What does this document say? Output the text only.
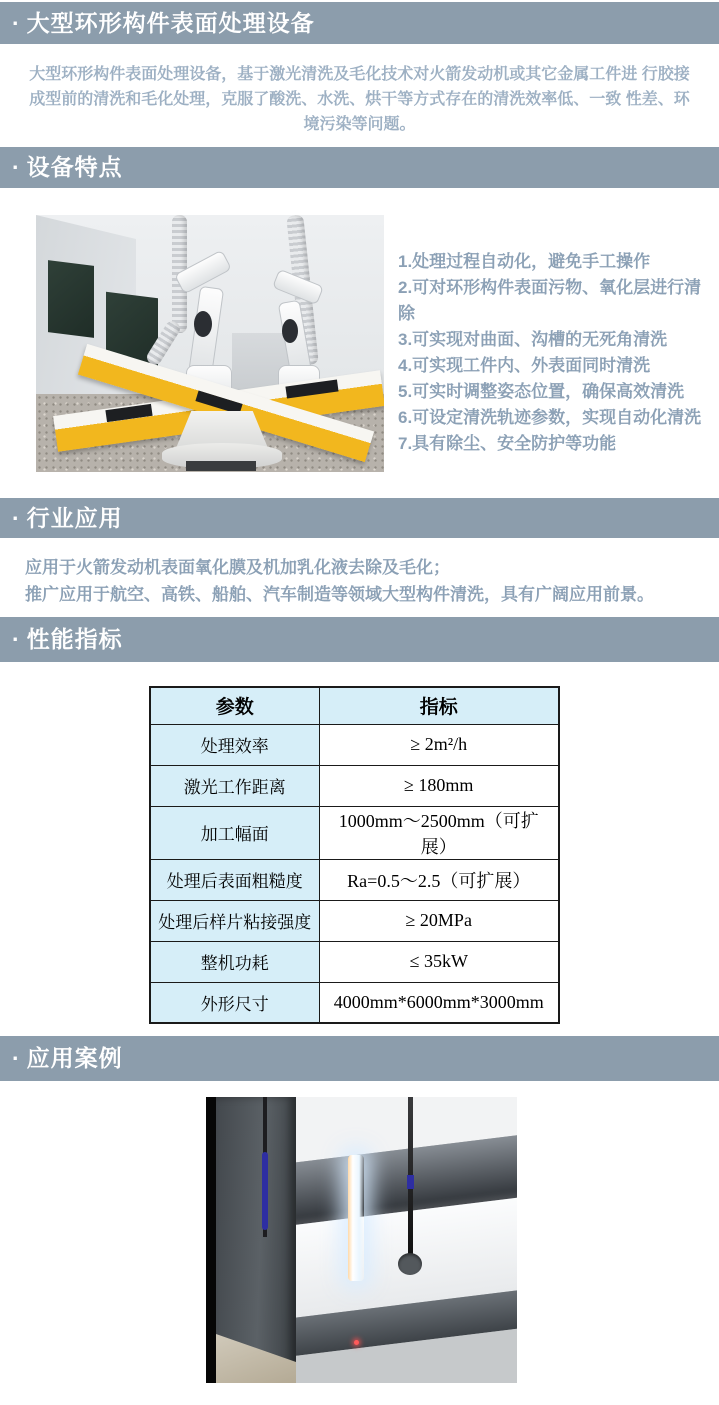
· 大型环形构件表面处理设备
大型环形构件表面处理设备，基于激光清洗及毛化技术对火箭发动机或其它金属工件进 行胶接
成型前的清洗和毛化处理，克服了酸洗、水洗、烘干等方式存在的清洗效率低、一致 性差、环
境污染等问题。
· 设备特点
1.处理过程自动化，避免手工操作
2.可对环形构件表面污物、氧化层进行清除
3.可实现对曲面、沟槽的无死角清洗
4.可实现工件内、外表面同时清洗
5.可实时调整姿态位置，确保高效清洗
6.可设定清洗轨迹参数，实现自动化清洗
7.具有除尘、安全防护等功能
· 行业应用
应用于火箭发动机表面氧化膜及机加乳化液去除及毛化；
推广应用于航空、高铁、船舶、汽车制造等领域大型构件清洗，具有广阔应用前景。
· 性能指标
参数	指标
处理效率	≥ 2m²/h
激光工作距离	≥ 180mm
加工幅面	1000mm～2500mm（可扩展）
处理后表面粗糙度	Ra=0.5～2.5（可扩展）
处理后样片粘接强度	≥ 20MPa
整机功耗	≤ 35kW
外形尺寸	4000mm*6000mm*3000mm
· 应用案例
